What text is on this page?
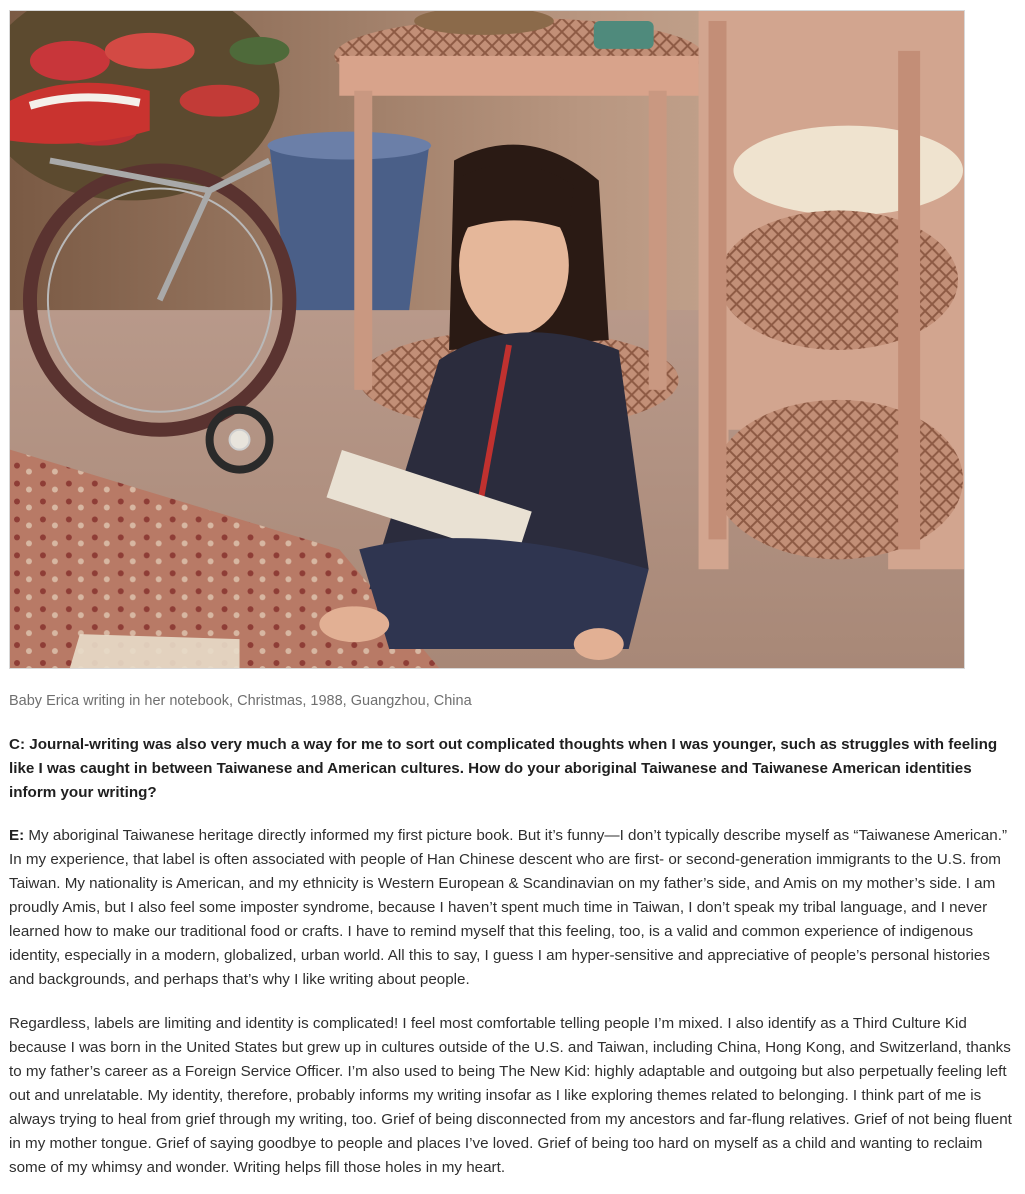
Baby Erica writing in her notebook, Christmas, 1988, Guangzhou, China

C: Journal-writing was also very much a way for me to sort out complicated thoughts when I was younger, such as struggles with feeling like I was caught in between Taiwanese and American cultures. How do your aboriginal Taiwanese and Taiwanese American identities inform your writing?

E: My aboriginal Taiwanese heritage directly informed my first picture book. But it’s funny—I don’t typically describe myself as “Taiwanese American.” In my experience, that label is often associated with people of Han Chinese descent who are first- or second-generation immigrants to the U.S. from Taiwan. My nationality is American, and my ethnicity is Western European & Scandinavian on my father’s side, and Amis on my mother’s side. I am proudly Amis, but I also feel some imposter syndrome, because I haven’t spent much time in Taiwan, I don’t speak my tribal language, and I never learned how to make our traditional food or crafts. I have to remind myself that this feeling, too, is a valid and common experience of indigenous identity, especially in a modern, globalized, urban world. All this to say, I guess I am hyper-sensitive and appreciative of people’s personal histories and backgrounds, and perhaps that’s why I like writing about people.

Regardless, labels are limiting and identity is complicated! I feel most comfortable telling people I’m mixed. I also identify as a Third Culture Kid because I was born in the United States but grew up in cultures outside of the U.S. and Taiwan, including China, Hong Kong, and Switzerland, thanks to my father’s career as a Foreign Service Officer. I’m also used to being The New Kid: highly adaptable and outgoing but also perpetually feeling left out and unrelatable. My identity, therefore, probably informs my writing insofar as I like exploring themes related to belonging. I think part of me is always trying to heal from grief through my writing, too. Grief of being disconnected from my ancestors and far-flung relatives. Grief of not being fluent in my mother tongue. Grief of saying goodbye to people and places I’ve loved. Grief of being too hard on myself as a child and wanting to reclaim some of my whimsy and wonder. Writing helps fill those holes in my heart.
